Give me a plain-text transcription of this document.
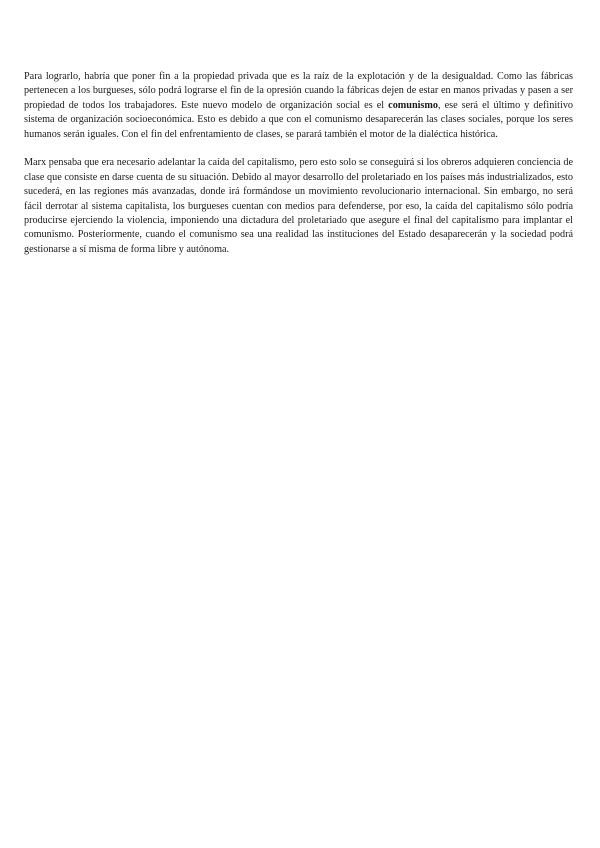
Para lograrlo, habría que poner fin a la propiedad privada que es la raíz de la explotación y de la desigualdad. Como las fábricas pertenecen a los burgueses, sólo podrá lograrse el fin de la opresión cuando la fábricas dejen de estar en manos privadas y pasen a ser propiedad de todos los trabajadores. Este nuevo modelo de organización social es el comunismo, ese será el último y definitivo sistema de organización socioeconómica. Esto es debido a que con el comunismo desaparecerán las clases sociales, porque los seres humanos serán iguales. Con el fin del enfrentamiento de clases, se parará también el motor de la dialéctica histórica.

Marx pensaba que era necesario adelantar la caída del capitalismo, pero esto solo se conseguirá si los obreros adquieren conciencia de clase que consiste en darse cuenta de su situación. Debido al mayor desarrollo del proletariado en los países más industrializados, esto sucederá, en las regiones más avanzadas, donde irá formándose un movimiento revolucionario internacional. Sin embargo, no será fácil derrotar al sistema capitalista, los burgueses cuentan con medios para defenderse, por eso, la caída del capitalismo sólo podría producirse ejerciendo la violencia, imponiendo una dictadura del proletariado que asegure el final del capitalismo para implantar el comunismo. Posteriormente, cuando el comunismo sea una realidad las instituciones del Estado desaparecerán y la sociedad podrá gestionarse a sí misma de forma libre y autónoma.
